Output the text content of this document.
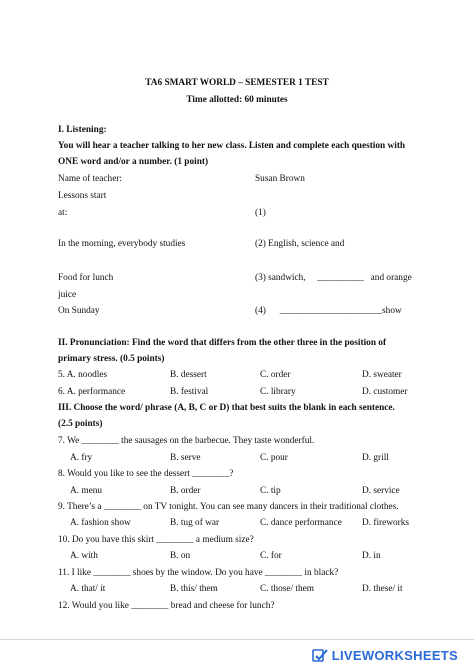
TA6 SMART WORLD – SEMESTER 1 TEST
Time allotted: 60 minutes
I. Listening:
You will hear a teacher talking to her new class. Listen and complete each question with
ONE word and/or a number. (1 point)
Name of teacher:	Susan Brown
Lessons start
at:	(1)
In the morning, everybody studies	(2) English, science and
Food for lunch	(3) sandwich,     __________   and orange
juice
On Sunday	(4)      ______________________show
II. Pronunciation: Find the word that differs from the other three in the position of
primary stress. (0.5 points)
5. A. noodles	B. dessert	C. order	D. sweater
6. A. performance	B. festival	C. library	D. customer
III. Choose the word/ phrase (A, B, C or D) that best suits the blank in each sentence.
(2.5 points)
7. We ________ the sausages on the barbecue. They taste wonderful.
A. fry	B. serve	C. pour	D. grill
8. Would you like to see the dessert ________?
A. menu	B. order	C. tip	D. service
9. There’s a ________ on TV tonight. You can see many dancers in their traditional clothes.
A. fashion show	B. tug of war	C. dance performance D. fireworks
10. Do you have this skirt ________ a medium size?
A. with	B. on	C. for	D. in
11. I like ________ shoes by the window. Do you have ________ in black?
A. that/ it	B. this/ them	C. those/ them	D. these/ it
12. Would you like ________ bread and cheese for lunch?
LIVEWORKSHEETS
